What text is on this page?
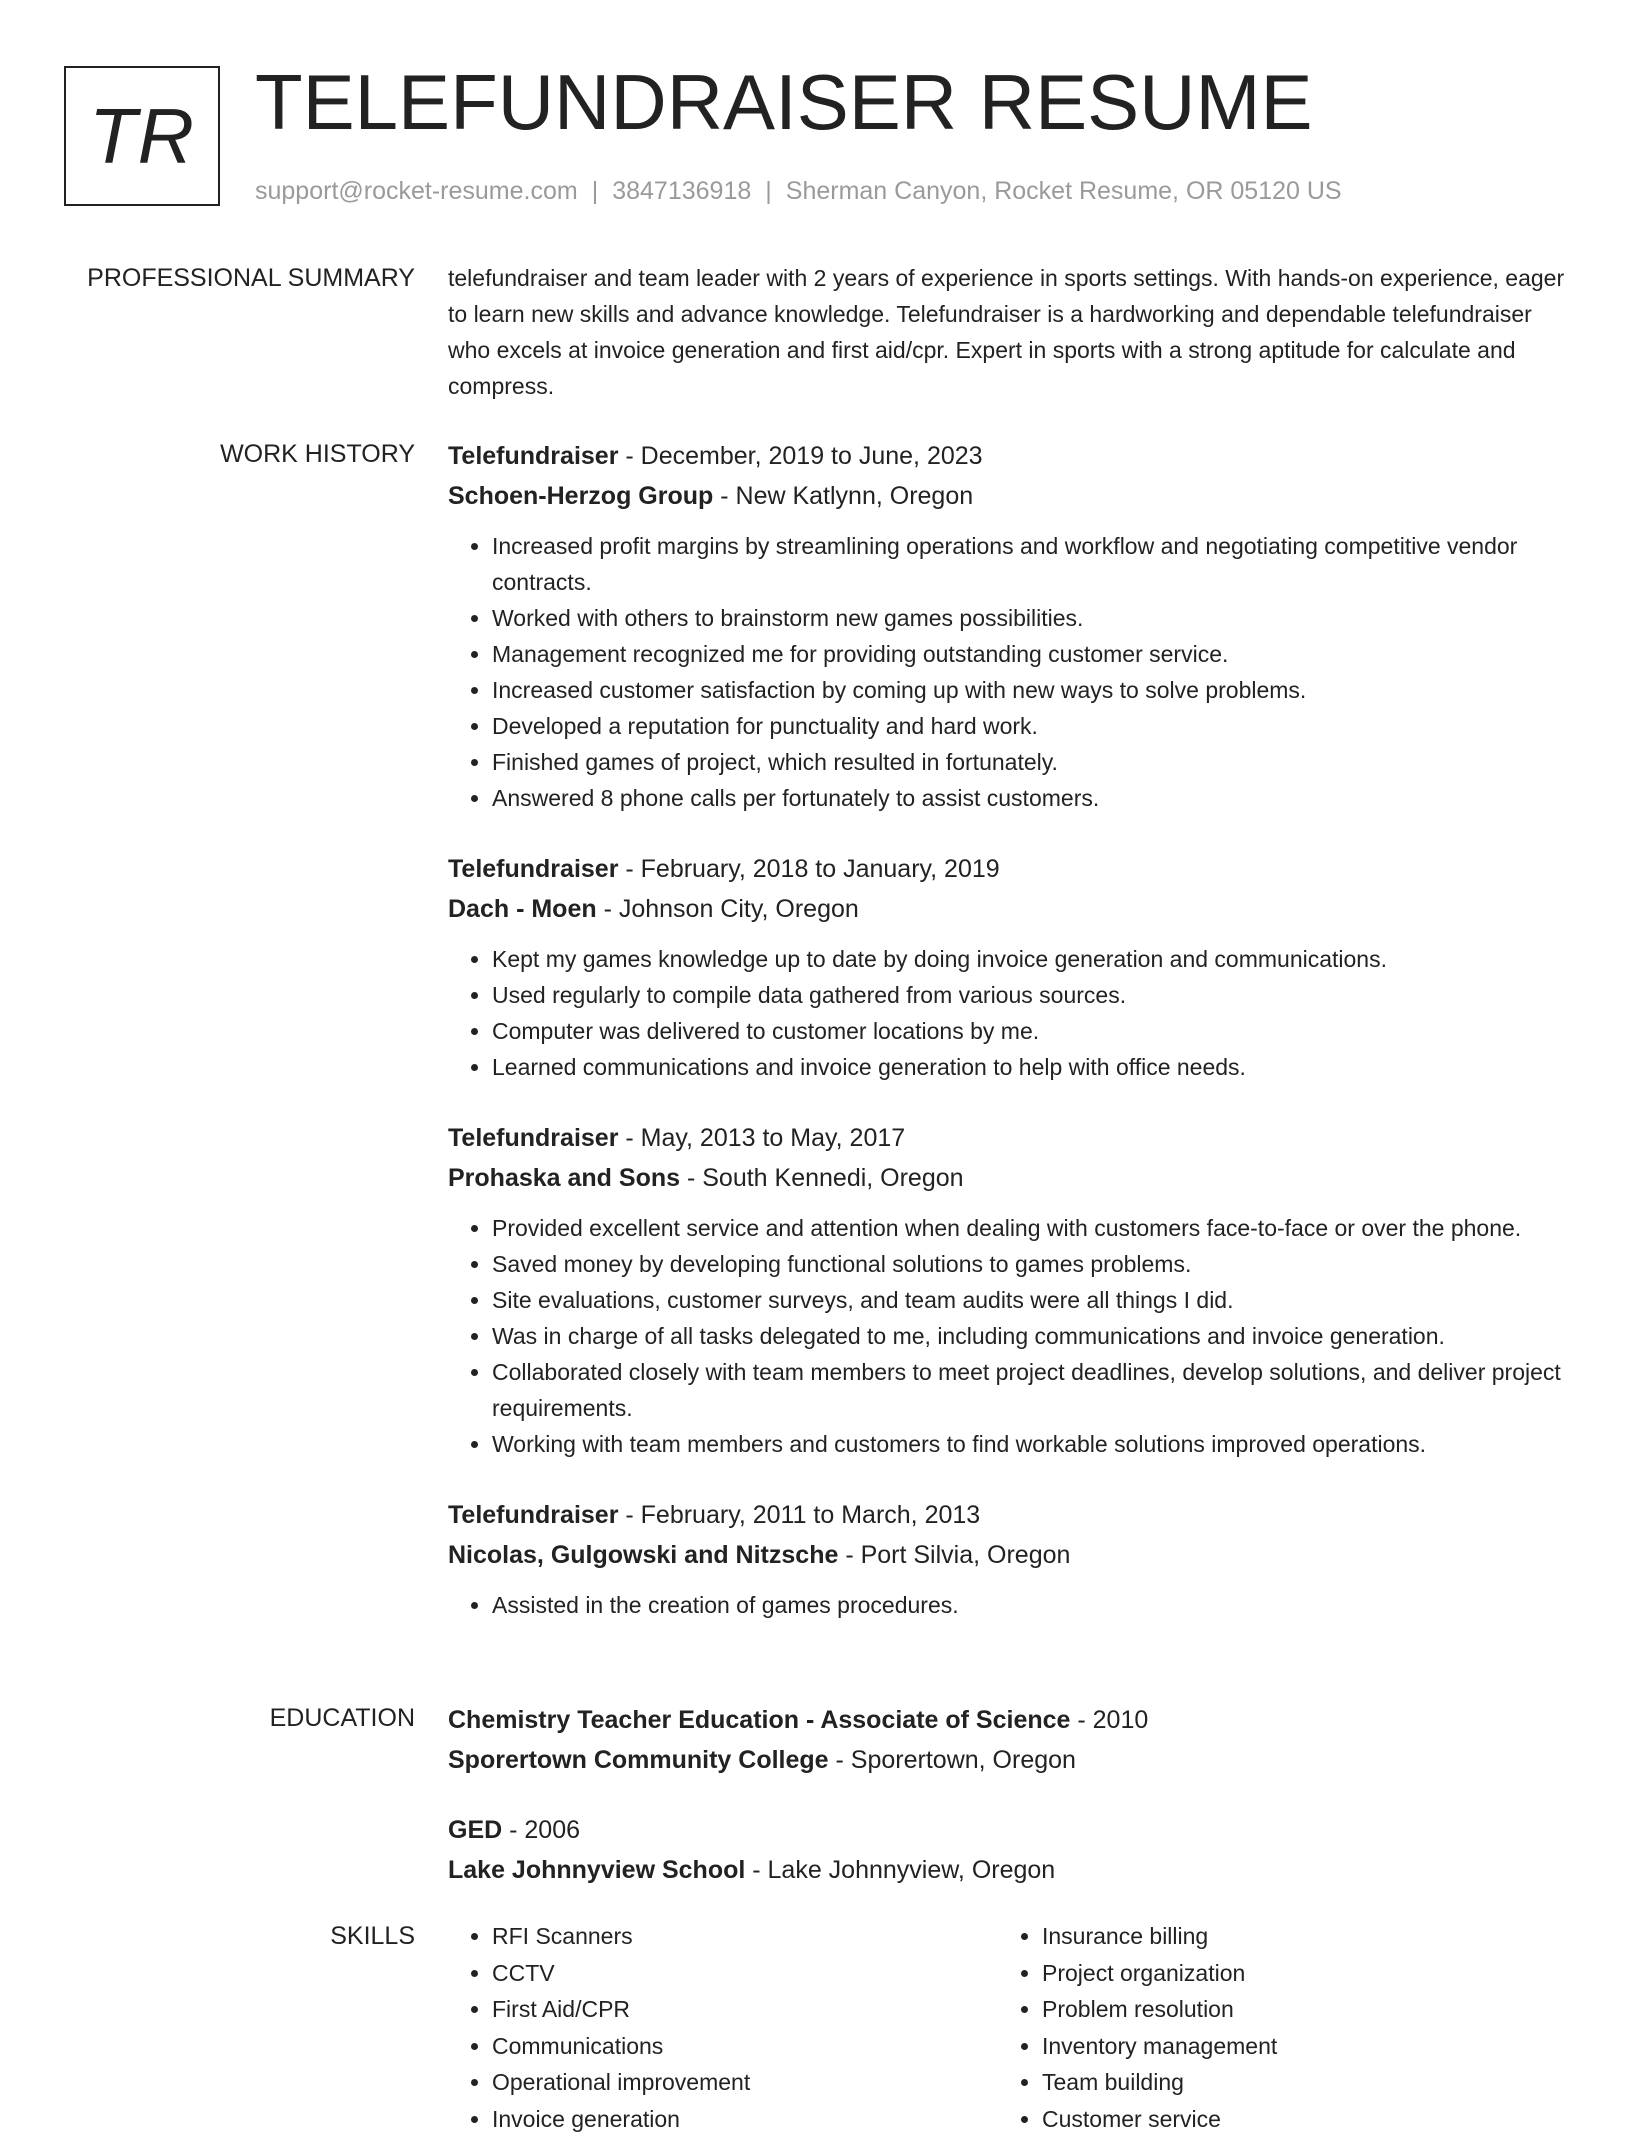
TR TELEFUNDRAISER RESUME
support@rocket-resume.com | 3847136918 | Sherman Canyon, Rocket Resume, OR 05120 US
PROFESSIONAL SUMMARY telefundraiser and team leader with 2 years of experience in sports settings. With hands-on experience, eager to learn new skills and advance knowledge. Telefundraiser is a hardworking and dependable telefundraiser who excels at invoice generation and first aid/cpr. Expert in sports with a strong aptitude for calculate and compress.

WORK HISTORY Telefundraiser - December, 2019 to June, 2023
Schoen-Herzog Group - New Katlynn, Oregon
• Increased profit margins by streamlining operations and workflow and negotiating competitive vendor contracts.
• Worked with others to brainstorm new games possibilities.
• Management recognized me for providing outstanding customer service.
• Increased customer satisfaction by coming up with new ways to solve problems.
• Developed a reputation for punctuality and hard work.
• Finished games of project, which resulted in fortunately.
• Answered 8 phone calls per fortunately to assist customers.
Telefundraiser - February, 2018 to January, 2019
Dach - Moen - Johnson City, Oregon
• Kept my games knowledge up to date by doing invoice generation and communications.
• Used regularly to compile data gathered from various sources.
• Computer was delivered to customer locations by me.
• Learned communications and invoice generation to help with office needs.
Telefundraiser - May, 2013 to May, 2017
Prohaska and Sons - South Kennedi, Oregon
• Provided excellent service and attention when dealing with customers face-to-face or over the phone.
• Saved money by developing functional solutions to games problems.
• Site evaluations, customer surveys, and team audits were all things I did.
• Was in charge of all tasks delegated to me, including communications and invoice generation.
• Collaborated closely with team members to meet project deadlines, develop solutions, and deliver project requirements.
• Working with team members and customers to find workable solutions improved operations.
Telefundraiser - February, 2011 to March, 2013
Nicolas, Gulgowski and Nitzsche - Port Silvia, Oregon
• Assisted in the creation of games procedures.
EDUCATION Chemistry Teacher Education - Associate of Science - 2010
Sporertown Community College - Sporertown, Oregon
GED - 2006
Lake Johnnyview School - Lake Johnnyview, Oregon
SKILLS
•	RFI Scanners
• CCTV
• First Aid/CPR
• Communications
• Operational improvement
• Invoice generation
• Insurance billing
• Project organization
• Problem resolution
• Inventory management
• Team building
• Customer service
